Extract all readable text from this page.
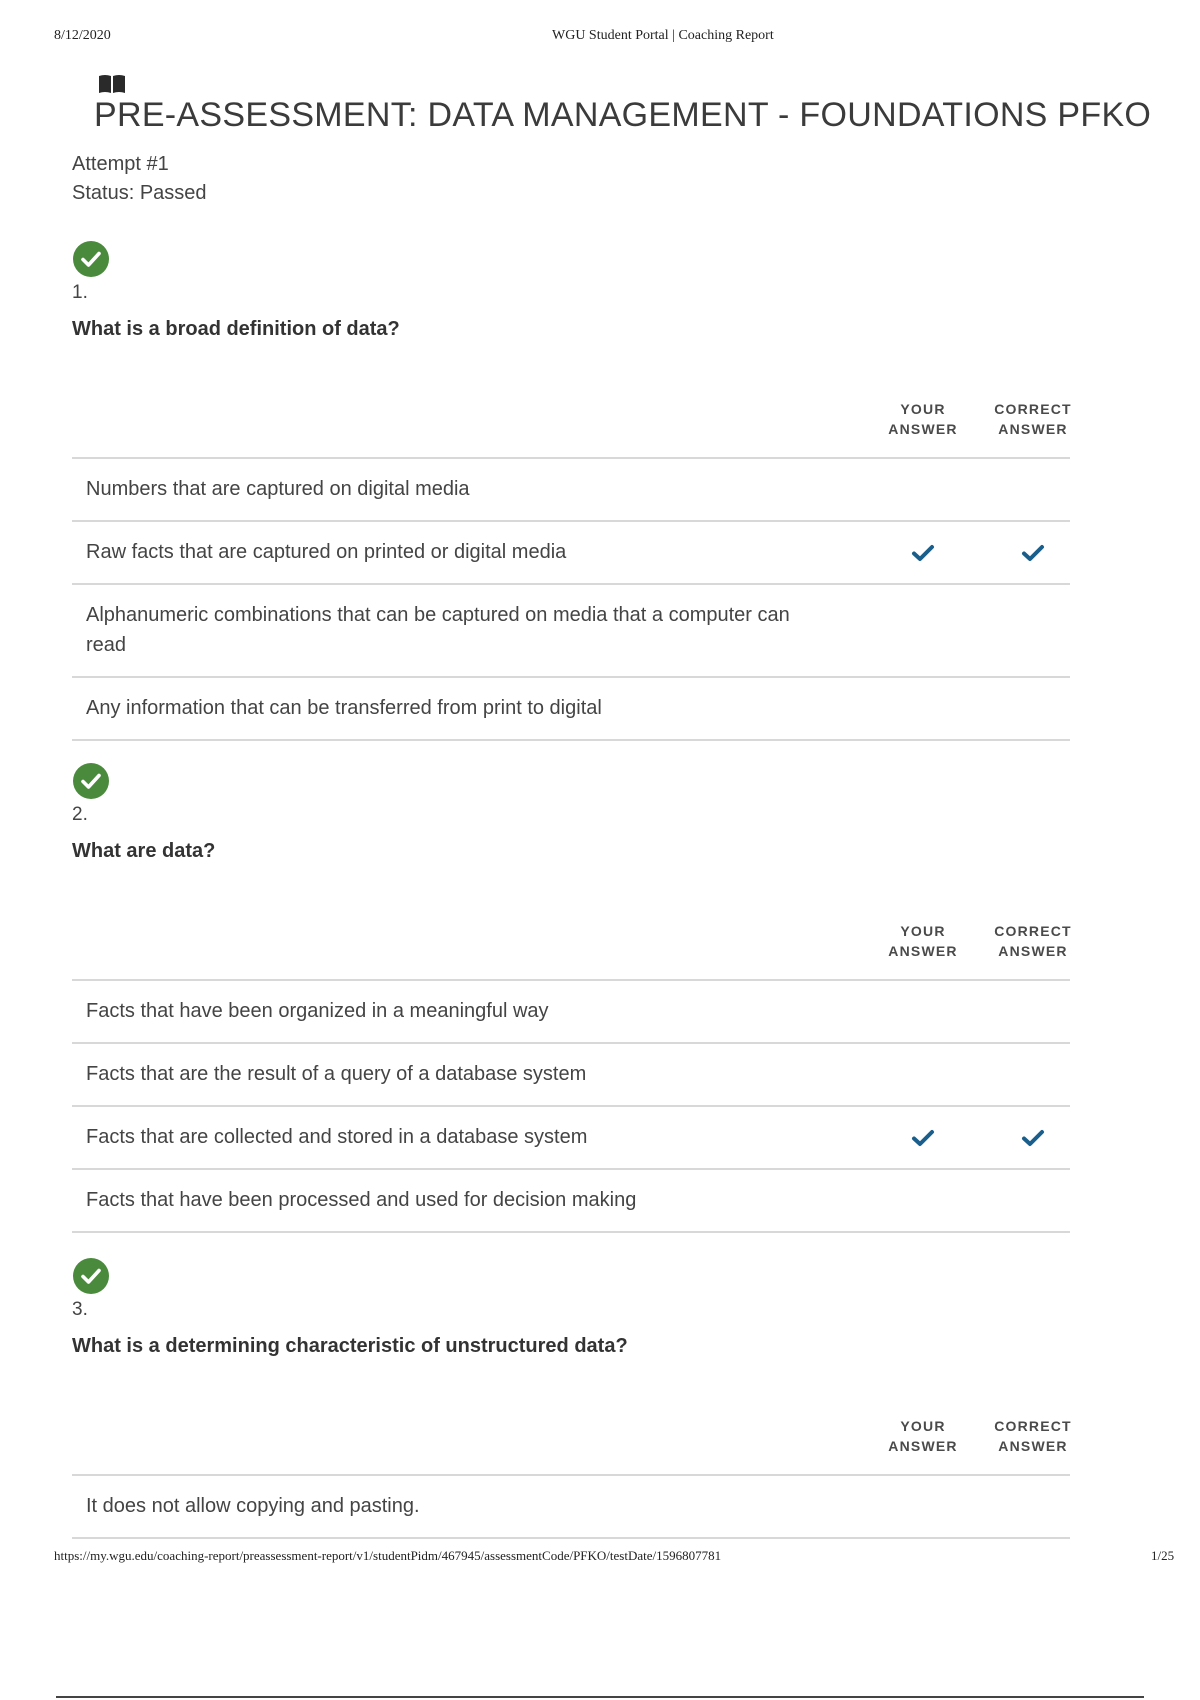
8/12/2020	WGU Student Portal | Coaching Report
PRE-ASSESSMENT: DATA MANAGEMENT - FOUNDATIONS PFKO
Attempt #1
Status: Passed
1.
What is a broad definition of data?
YOUR
ANSWER
CORRECT
ANSWER
Numbers that are captured on digital media
Raw facts that are captured on printed or digital media
Alphanumeric combinations that can be captured on media that a computer can read
Any information that can be transferred from print to digital
2.
What are data?
YOUR
ANSWER
CORRECT
ANSWER
Facts that have been organized in a meaningful way
Facts that are the result of a query of a database system
Facts that are collected and stored in a database system
Facts that have been processed and used for decision making
3.
What is a determining characteristic of unstructured data?
YOUR
ANSWER
CORRECT
ANSWER
It does not allow copying and pasting.
https://my.wgu.edu/coaching-report/preassessment-report/v1/studentPidm/467945/assessmentCode/PFKO/testDate/1596807781	1/25
